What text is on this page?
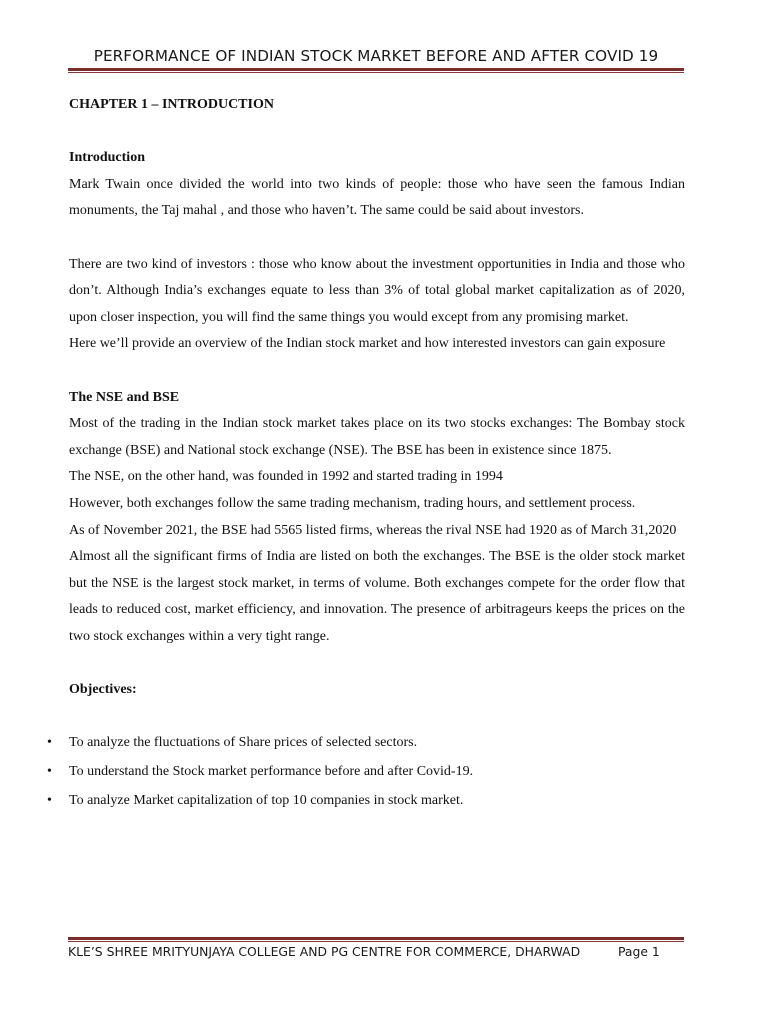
PERFORMANCE OF INDIAN STOCK MARKET BEFORE AND AFTER COVID 19

CHAPTER 1 – INTRODUCTION

Introduction

Mark Twain once divided the world into two kinds of people: those who have seen the famous Indian monuments, the Taj mahal , and those who haven’t. The same could be said about investors.

There are two kind of investors : those who know about the investment opportunities in India and those who don’t. Although India’s exchanges equate to less than 3% of total global market capitalization as of 2020, upon closer inspection, you will find the same things you would except from any promising market.

Here we’ll provide an overview of the Indian stock market and how interested investors can gain exposure

The NSE and BSE

Most of the trading in the Indian stock market takes place on its two stocks exchanges: The Bombay stock exchange (BSE) and National stock exchange (NSE). The BSE has been in existence since 1875.

The NSE, on the other hand, was founded in 1992 and started trading in 1994

However, both exchanges follow the same trading mechanism, trading hours, and settlement process.

As of November 2021, the BSE had 5565 listed firms, whereas the rival NSE had 1920 as of March 31,2020

Almost all the significant firms of India are listed on both the exchanges. The BSE is the older stock market but the NSE is the largest stock market, in terms of volume. Both exchanges compete for the order flow that leads to reduced cost, market efficiency, and innovation. The presence of arbitrageurs keeps the prices on the two stock exchanges within a very tight range.

Objectives:

• To analyze the fluctuations of Share prices of selected sectors.
• To understand the Stock market performance before and after Covid-19.
• To analyze Market capitalization of top 10 companies in stock market.
KLE’S SHREE MRITYUNJAYA COLLEGE AND PG CENTRE FOR COMMERCE, DHARWAD	Page 1
